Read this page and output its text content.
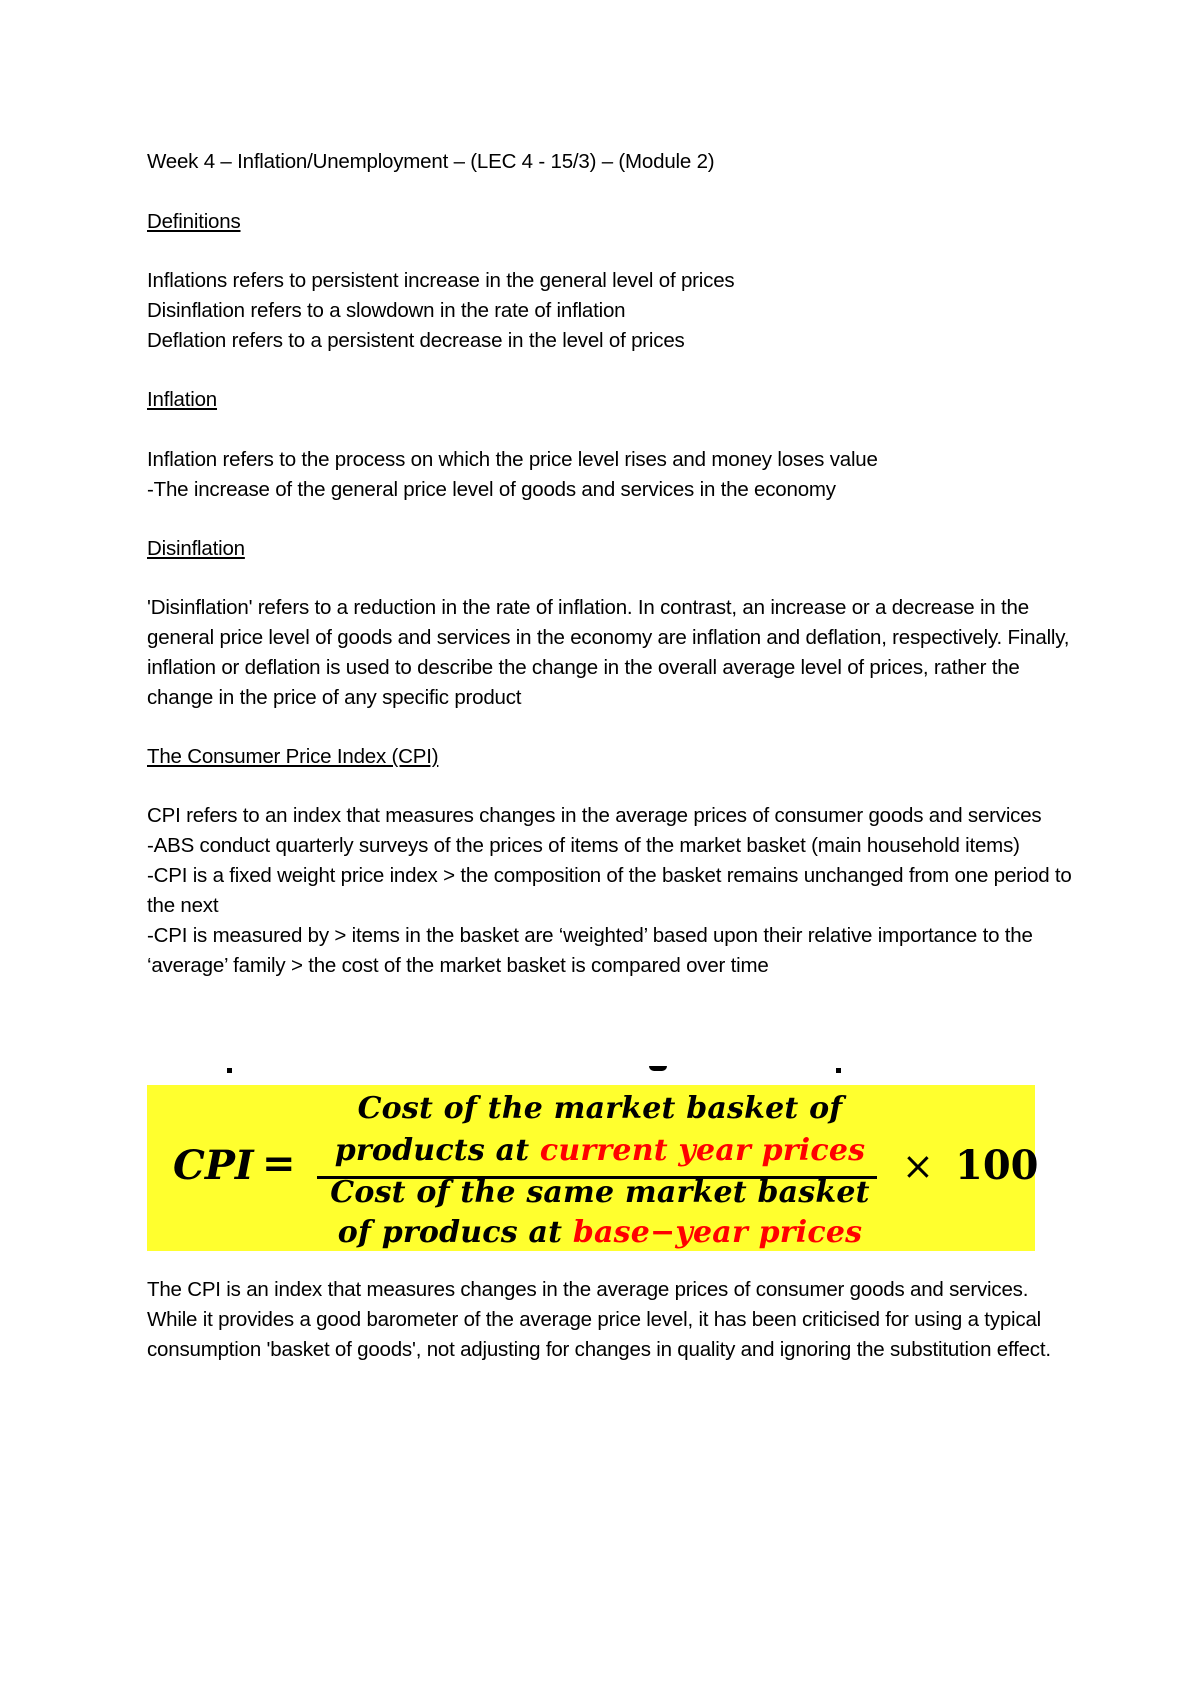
Week 4 – Inflation/Unemployment – (LEC 4 - 15/3) – (Module 2)
Definitions
Inflations refers to persistent increase in the general level of prices
Disinflation refers to a slowdown in the rate of inflation
Deflation refers to a persistent decrease in the level of prices
Inflation
Inflation refers to the process on which the price level rises and money loses value
-The increase of the general price level of goods and services in the economy
Disinflation
'Disinflation' refers to a reduction in the rate of inflation. In contrast, an increase or a decrease in the general price level of goods and services in the economy are inflation and deflation, respectively. Finally, inflation or deflation is used to describe the change in the overall average level of prices, rather the change in the price of any specific product
The Consumer Price Index (CPI)
CPI refers to an index that measures changes in the average prices of consumer goods and services
-ABS conduct quarterly surveys of the prices of items of the market basket (main household items)
-CPI is a fixed weight price index > the composition of the basket remains unchanged from one period to the next
-CPI is measured by > items in the basket are ‘weighted’ based upon their relative importance to the ‘average’ family > the cost of the market basket is compared over time
CPI =
Cost of the market basket of
products at current year prices
Cost of the same market basket
of producs at base−year prices
× 100
The CPI is an index that measures changes in the average prices of consumer goods and services. While it provides a good barometer of the average price level, it has been criticised for using a typical consumption 'basket of goods', not adjusting for changes in quality and ignoring the substitution effect.
